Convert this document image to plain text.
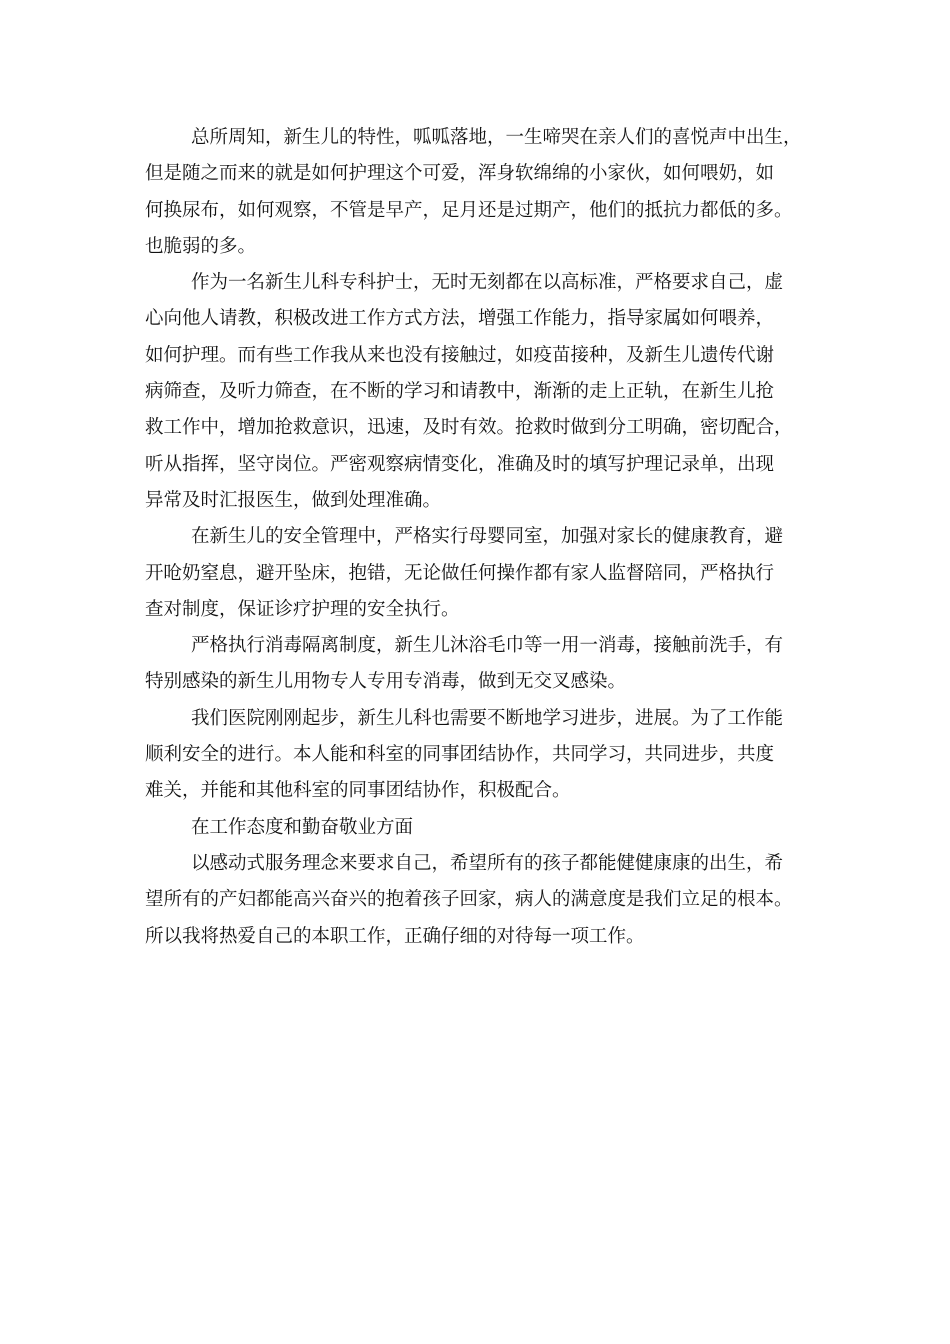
总所周知，新生儿的特性，呱呱落地，一生啼哭在亲人们的喜悦声中出生，
但是随之而来的就是如何护理这个可爱，浑身软绵绵的小家伙，如何喂奶，如
何换尿布，如何观察，不管是早产，足月还是过期产，他们的抵抗力都低的多。
也脆弱的多。

作为一名新生儿科专科护士，无时无刻都在以高标准，严格要求自己，虚
心向他人请教，积极改进工作方式方法，增强工作能力，指导家属如何喂养，
如何护理。而有些工作我从来也没有接触过，如疫苗接种，及新生儿遗传代谢
病筛查，及听力筛查，在不断的学习和请教中，渐渐的走上正轨，在新生儿抢
救工作中，增加抢救意识，迅速，及时有效。抢救时做到分工明确，密切配合，
听从指挥，坚守岗位。严密观察病情变化，准确及时的填写护理记录单，出现
异常及时汇报医生，做到处理准确。

在新生儿的安全管理中，严格实行母婴同室，加强对家长的健康教育，避
开呛奶窒息，避开坠床，抱错，无论做任何操作都有家人监督陪同，严格执行
查对制度，保证诊疗护理的安全执行。

严格执行消毒隔离制度，新生儿沐浴毛巾等一用一消毒，接触前洗手，有
特别感染的新生儿用物专人专用专消毒，做到无交叉感染。

我们医院刚刚起步，新生儿科也需要不断地学习进步，进展。为了工作能
顺利安全的进行。本人能和科室的同事团结协作，共同学习，共同进步，共度
难关，并能和其他科室的同事团结协作，积极配合。

在工作态度和勤奋敬业方面

以感动式服务理念来要求自己，希望所有的孩子都能健健康康的出生，希
望所有的产妇都能高兴奋兴的抱着孩子回家，病人的满意度是我们立足的根本。
所以我将热爱自己的本职工作，正确仔细的对待每一项工作。
